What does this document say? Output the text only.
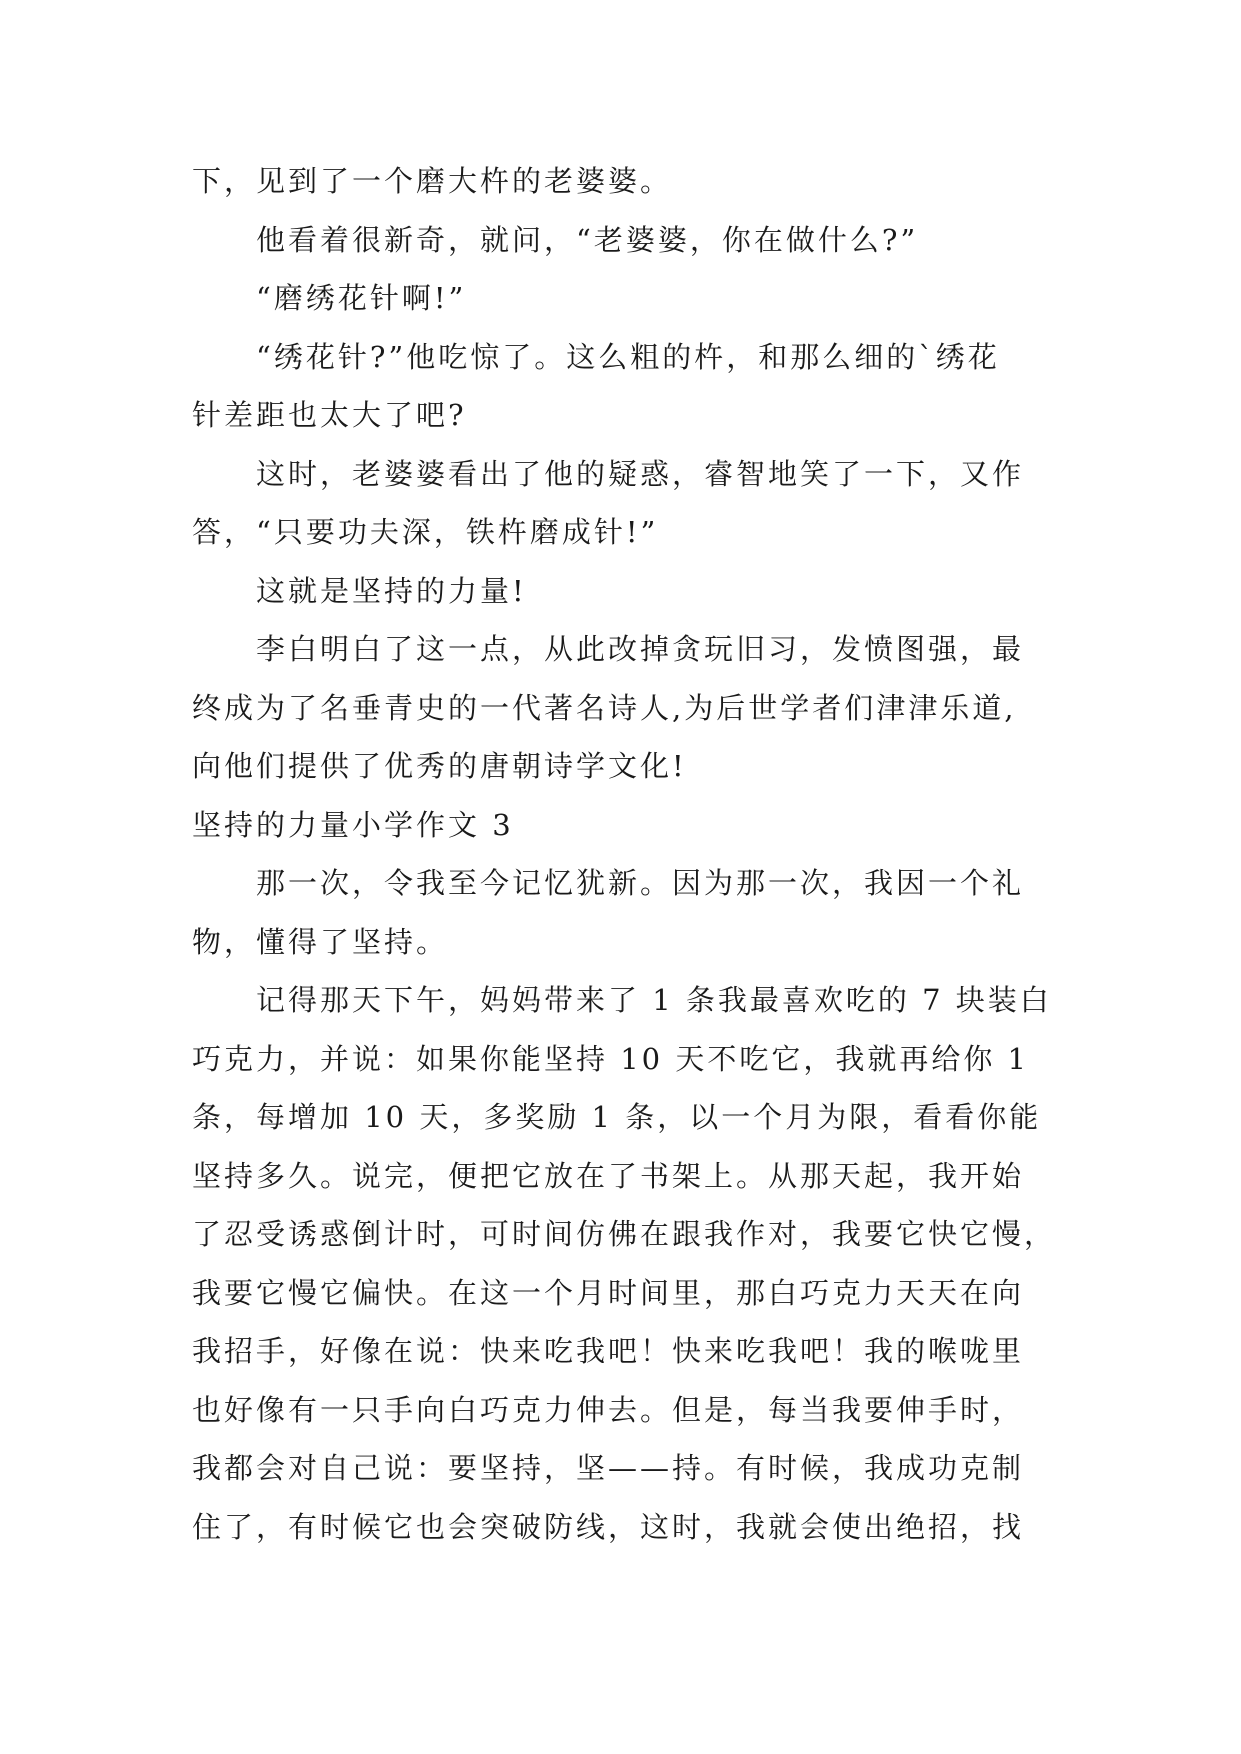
下，见到了一个磨大杵的老婆婆。
他看着很新奇，就问，“老婆婆，你在做什么?”
“磨绣花针啊!”
“绣花针?”他吃惊了。这么粗的杵，和那么细的`绣花
针差距也太大了吧?
这时，老婆婆看出了他的疑惑，睿智地笑了一下，又作
答，“只要功夫深，铁杵磨成针!”
这就是坚持的力量!
李白明白了这一点，从此改掉贪玩旧习，发愤图强，最
终成为了名垂青史的一代著名诗人,为后世学者们津津乐道,
向他们提供了优秀的唐朝诗学文化!
坚持的力量小学作文 3
那一次，令我至今记忆犹新。因为那一次，我因一个礼
物，懂得了坚持。
记得那天下午，妈妈带来了 1 条我最喜欢吃的 7 块装白
巧克力，并说：如果你能坚持 10 天不吃它，我就再给你 1
条，每增加 10 天，多奖励 1 条，以一个月为限，看看你能
坚持多久。说完，便把它放在了书架上。从那天起，我开始
了忍受诱惑倒计时，可时间仿佛在跟我作对，我要它快它慢，
我要它慢它偏快。在这一个月时间里，那白巧克力天天在向
我招手，好像在说：快来吃我吧！快来吃我吧！我的喉咙里
也好像有一只手向白巧克力伸去。但是，每当我要伸手时，
我都会对自己说：要坚持，坚——持。有时候，我成功克制
住了，有时候它也会突破防线，这时，我就会使出绝招，找
